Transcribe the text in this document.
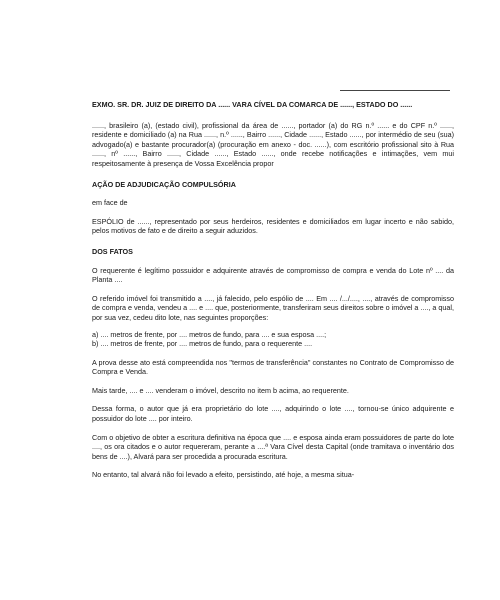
EXMO. SR. DR. JUIZ DE DIREITO DA ...... VARA CÍVEL DA COMARCA DE ......, ESTADO DO ......

......, brasileiro (a), (estado civil), profissional da área de ......, portador (a) do RG n.º ...... e do CPF n.º ......, residente e domiciliado (a) na Rua ......, n.º ......, Bairro ......, Cidade ......, Estado ......, por intermédio de seu (sua) advogado(a) e bastante procurador(a) (procuração em anexo - doc. ......), com escritório profissional sito à Rua ......, nº ......, Bairro ......, Cidade ......, Estado ......, onde recebe notificações e intimações, vem mui respeitosamente à presença de Vossa Excelência propor

AÇÃO DE ADJUDICAÇÃO COMPULSÓRIA

em face de

ESPÓLIO de ......, representado por seus herdeiros, residentes e domiciliados em lugar incerto e não sabido, pelos motivos de fato e de direito a seguir aduzidos.

DOS FATOS

O requerente é legítimo possuidor e adquirente através de compromisso de compra e venda do Lote nº .... da Planta ....

O referido imóvel foi transmitido a ...., já falecido, pelo espólio de .... Em .... /.../...., ...., através de compromisso de compra e venda, vendeu a .... e .... que, posteriormente, transferiram seus direitos sobre o imóvel a ...., a qual, por sua vez, cedeu dito lote, nas seguintes proporções:

a) .... metros de frente, por .... metros de fundo, para .... e sua esposa ....;

b) .... metros de frente, por .... metros de fundo, para o requerente ....

A prova desse ato está compreendida nos "termos de transferência" constantes no Contrato de Compromisso de Compra e Venda.

Mais tarde, .... e .... venderam o imóvel, descrito no item b acima, ao requerente.

Dessa forma, o autor que já era proprietário do lote ...., adquirindo o lote ...., tornou-se único adquirente e possuidor do lote .... por inteiro.

Com o objetivo de obter a escritura definitiva na época que .... e esposa ainda eram possuidores de parte do lote ...., os ora citados e o autor requereram, perante a ....ª Vara Cível desta Capital (onde tramitava o inventário dos bens de ....), Alvará para ser procedida a procurada escritura.

No entanto, tal alvará não foi levado a efeito, persistindo, até hoje, a mesma situa-
